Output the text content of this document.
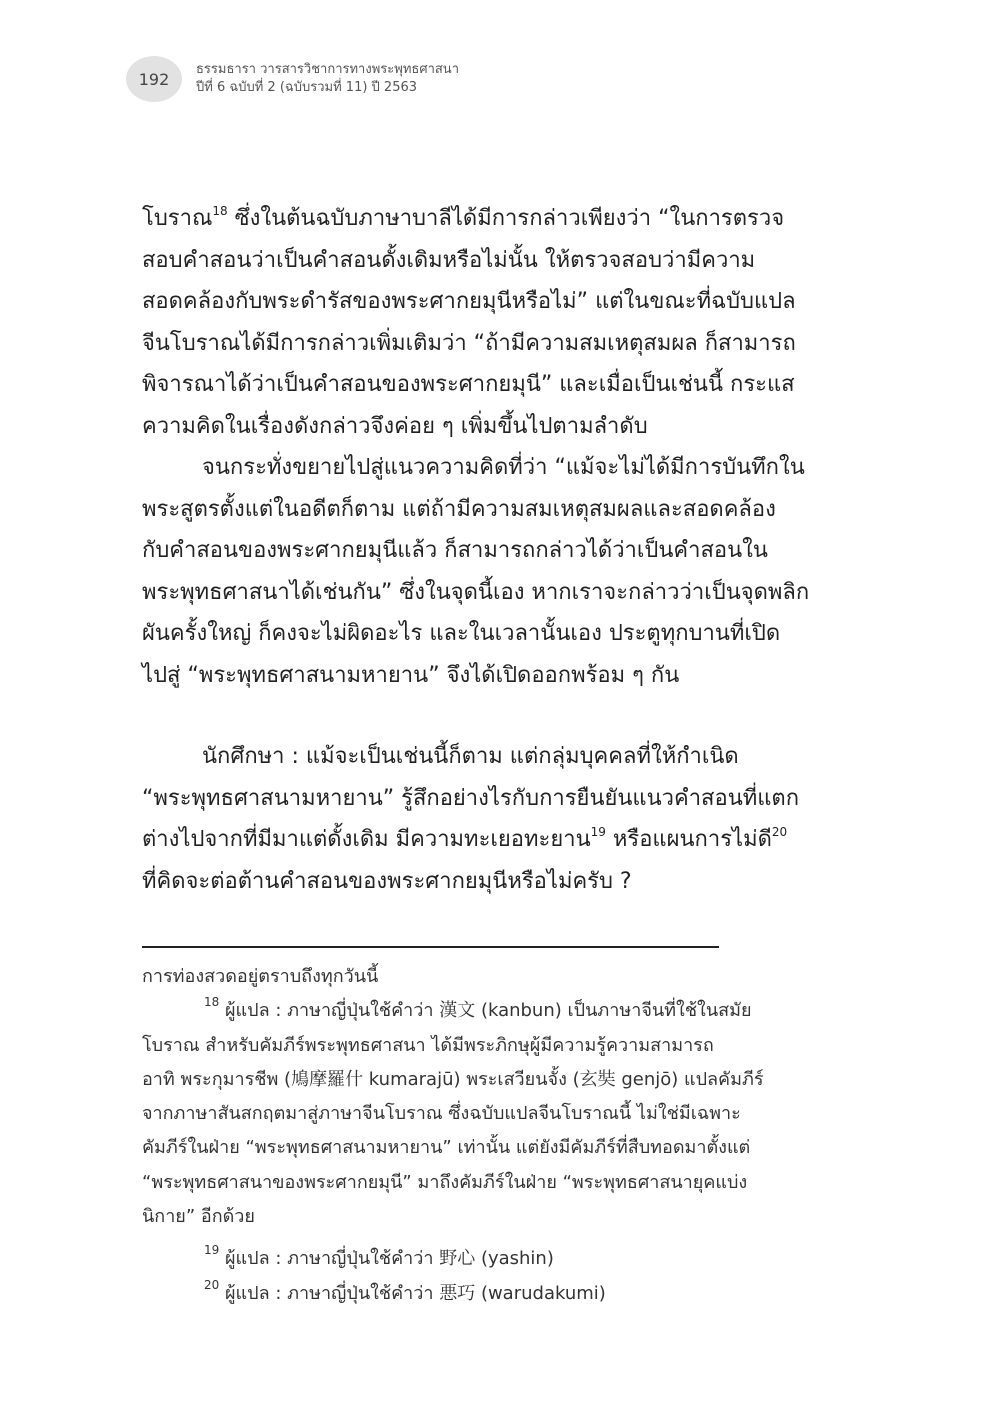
192 ธรรมธารา วารสารวิชาการทางพระพุทธศาสนา
ปีที่ 6 ฉบับที่ 2 (ฉบับรวมที่ 11) ปี 2563
โบราณ$^{18}$ ซึ่งในต้นฉบับภาษาบาลีได้มีการกล่าวเพียงว่า “ในการตรวจ
สอบคำสอนว่าเป็นคำสอนดั้งเดิมหรือไม่นั้น ให้ตรวจสอบว่ามีความ
สอดคล้องกับพระดำรัสของพระศากยมุนีหรือไม่” แต่ในขณะที่ฉบับแปล
จีนโบราณได้มีการกล่าวเพิ่มเติมว่า “ถ้ามีความสมเหตุสมผล ก็สามารถ
พิจารณาได้ว่าเป็นคำสอนของพระศากยมุนี” และเมื่อเป็นเช่นนี้ กระแส
ความคิดในเรื่องดังกล่าวจึงค่อย ๆ เพิ่มขึ้นไปตามลำดับ
จนกระทั่งขยายไปสู่แนวความคิดที่ว่า “แม้จะไม่ได้มีการบันทึกใน
พระสูตรตั้งแต่ในอดีตก็ตาม แต่ถ้ามีความสมเหตุสมผลและสอดคล้อง
กับคำสอนของพระศากยมุนีแล้ว ก็สามารถกล่าวได้ว่าเป็นคำสอนใน
พระพุทธศาสนาได้เช่นกัน” ซึ่งในจุดนี้เอง หากเราจะกล่าวว่าเป็นจุดพลิก
ผันครั้งใหญ่ ก็คงจะไม่ผิดอะไร และในเวลานั้นเอง ประตูทุกบานที่เปิด
ไปสู่ “พระพุทธศาสนามหายาน” จึงได้เปิดออกพร้อม ๆ กัน
นักศึกษา : แม้จะเป็นเช่นนี้ก็ตาม แต่กลุ่มบุคคลที่ให้กำเนิด
“พระพุทธศาสนามหายาน” รู้สึกอย่างไรกับการยืนยันแนวคำสอนที่แตก
ต่างไปจากที่มีมาแต่ดั้งเดิม มีความทะเยอทะยาน$^{19}$ หรือแผนการไม่ดี$^{20}$
ที่คิดจะต่อต้านคำสอนของพระศากยมุนีหรือไม่ครับ ?
การท่องสวดอยู่ตราบถึงทุกวันนี้
$^{18}$ ผู้แปล : ภาษาญี่ปุ่นใช้คำว่า 漢文 (kanbun) เป็นภาษาจีนที่ใช้ในสมัย
โบราณ สำหรับคัมภีร์พระพุทธศาสนา ได้มีพระภิกษุผู้มีความรู้ความสามารถ
อาทิ พระกุมารชีพ (鳩摩羅什 kumarajū) พระเสวียนจั้ง (玄奘 genjō) แปลคัมภีร์
จากภาษาสันสกฤตมาสู่ภาษาจีนโบราณ ซึ่งฉบับแปลจีนโบราณนี้ ไม่ใช่มีเฉพาะ
คัมภีร์ในฝ่าย “พระพุทธศาสนามหายาน” เท่านั้น แต่ยังมีคัมภีร์ที่สืบทอดมาตั้งแต่
“พระพุทธศาสนาของพระศากยมุนี” มาถึงคัมภีร์ในฝ่าย “พระพุทธศาสนายุคแบ่ง
นิกาย” อีกด้วย
$^{19}$ ผู้แปล : ภาษาญี่ปุ่นใช้คำว่า 野心 (yashin)
$^{20}$ ผู้แปล : ภาษาญี่ปุ่นใช้คำว่า 悪巧 (warudakumi)
